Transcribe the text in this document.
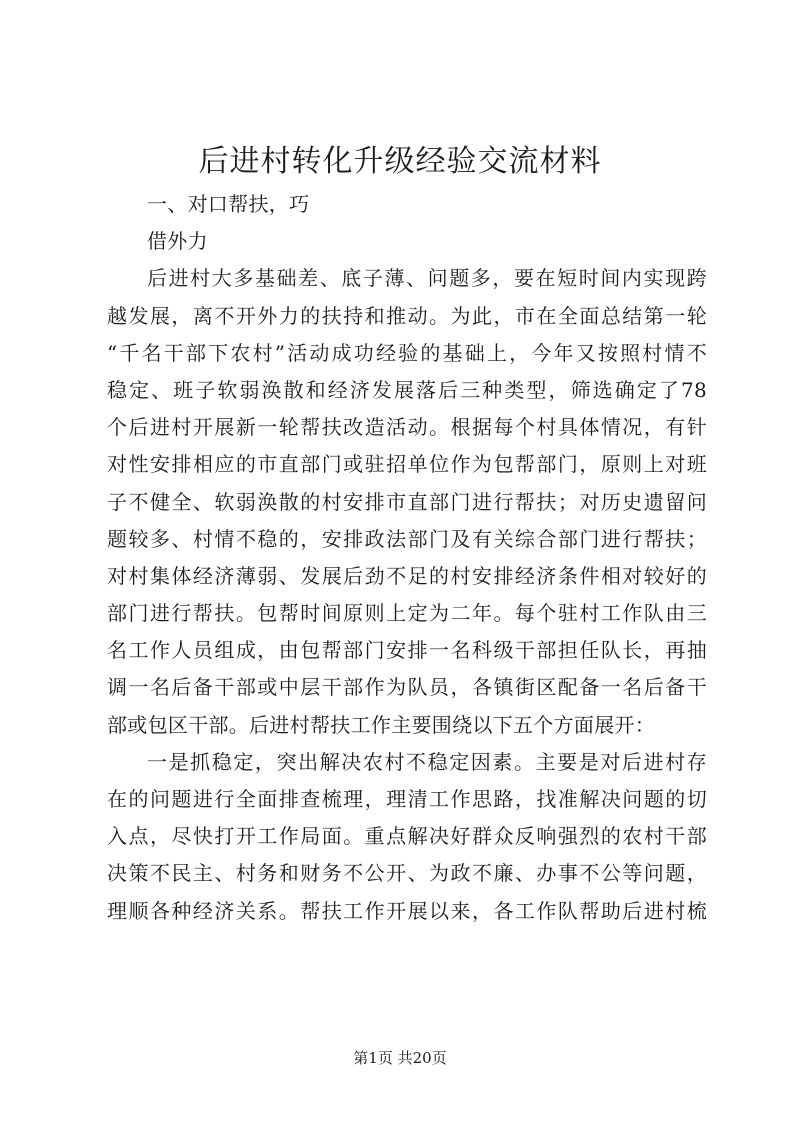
后进村转化升级经验交流材料
一、对口帮扶，巧
借外力
后进村大多基础差、底子薄、问题多，要在短时间内实现跨
越发展，离不开外力的扶持和推动。为此，市在全面总结第一轮
“千名干部下农村”活动成功经验的基础上，今年又按照村情不
稳定、班子软弱涣散和经济发展落后三种类型，筛选确定了78
个后进村开展新一轮帮扶改造活动。根据每个村具体情况，有针
对性安排相应的市直部门或驻招单位作为包帮部门，原则上对班
子不健全、软弱涣散的村安排市直部门进行帮扶；对历史遗留问
题较多、村情不稳的，安排政法部门及有关综合部门进行帮扶；
对村集体经济薄弱、发展后劲不足的村安排经济条件相对较好的
部门进行帮扶。包帮时间原则上定为二年。每个驻村工作队由三
名工作人员组成，由包帮部门安排一名科级干部担任队长，再抽
调一名后备干部或中层干部作为队员，各镇街区配备一名后备干
部或包区干部。后进村帮扶工作主要围绕以下五个方面展开：
一是抓稳定，突出解决农村不稳定因素。主要是对后进村存
在的问题进行全面排查梳理，理清工作思路，找准解决问题的切
入点，尽快打开工作局面。重点解决好群众反响强烈的农村干部
决策不民主、村务和财务不公开、为政不廉、办事不公等问题，
理顺各种经济关系。帮扶工作开展以来，各工作队帮助后进村梳
第1页 共20页
